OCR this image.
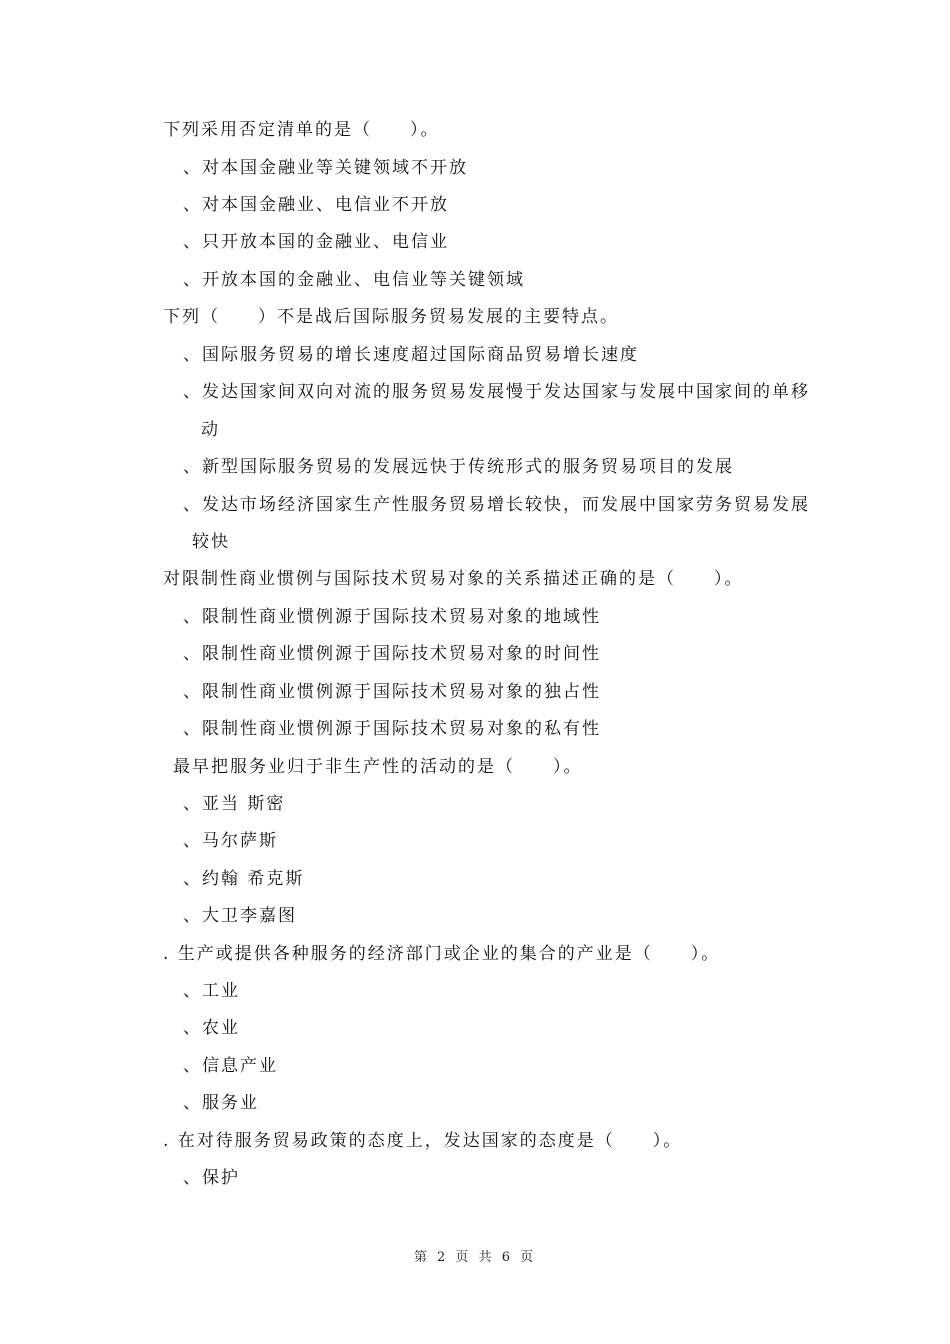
下列采用否定清单的是（　　）。
、对本国金融业等关键领域不开放
、对本国金融业、电信业不开放
、只开放本国的金融业、电信业
、开放本国的金融业、电信业等关键领域
下列（　　）不是战后国际服务贸易发展的主要特点。
、国际服务贸易的增长速度超过国际商品贸易增长速度
、发达国家间双向对流的服务贸易发展慢于发达国家与发展中国家间的单移
动
、新型国际服务贸易的发展远快于传统形式的服务贸易项目的发展
、发达市场经济国家生产性服务贸易增长较快，而发展中国家劳务贸易发展
较快
对限制性商业惯例与国际技术贸易对象的关系描述正确的是（　　）。
、限制性商业惯例源于国际技术贸易对象的地域性
、限制性商业惯例源于国际技术贸易对象的时间性
、限制性商业惯例源于国际技术贸易对象的独占性
、限制性商业惯例源于国际技术贸易对象的私有性
最早把服务业归于非生产性的活动的是（　　）。
、亚当 斯密
、马尔萨斯
、约翰 希克斯
、大卫李嘉图
. 生产或提供各种服务的经济部门或企业的集合的产业是（　　）。
、工业
、农业
、信息产业
、服务业
. 在对待服务贸易政策的态度上，发达国家的态度是（　　）。
、保护
第 2 页 共 6 页
